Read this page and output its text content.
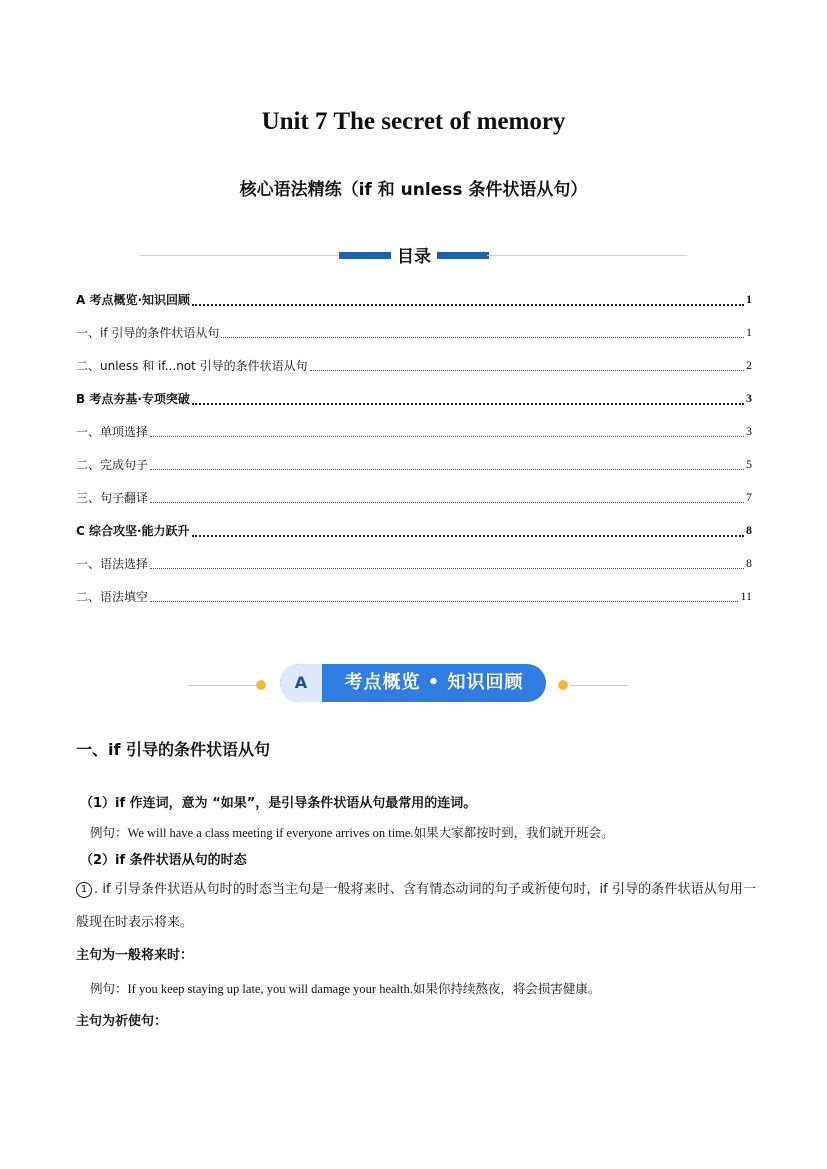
Unit 7 The secret of memory
核心语法精练（if 和 unless 条件状语从句）
目录
A 考点概览·知识回顾	1
一、if 引导的条件状语从句	1
二、unless 和 if...not 引导的条件状语从句	2
B 考点夯基·专项突破	3
一、单项选择	3
二、完成句子	5
三、句子翻译	7
C 综合攻坚·能力跃升	8
一、语法选择	8
二、语法填空	11
A	考点概览 • 知识回顾
一、if 引导的条件状语从句
（1）if 作连词，意为 “如果”，是引导条件状语从句最常用的连词。
例句：We will have a class meeting if everyone arrives on time.如果大家都按时到，我们就开班会。
（2）if 条件状语从句的时态
1 . if 引导条件状语从句时的时态当主句是一般将来时、含有情态动词的句子或祈使句时，if 引导的条件状语从句用一般现在时表示将来。
主句为一般将来时：
例句：If you keep staying up late, you will damage your health.如果你持续熬夜，将会损害健康。
主句为祈使句：
